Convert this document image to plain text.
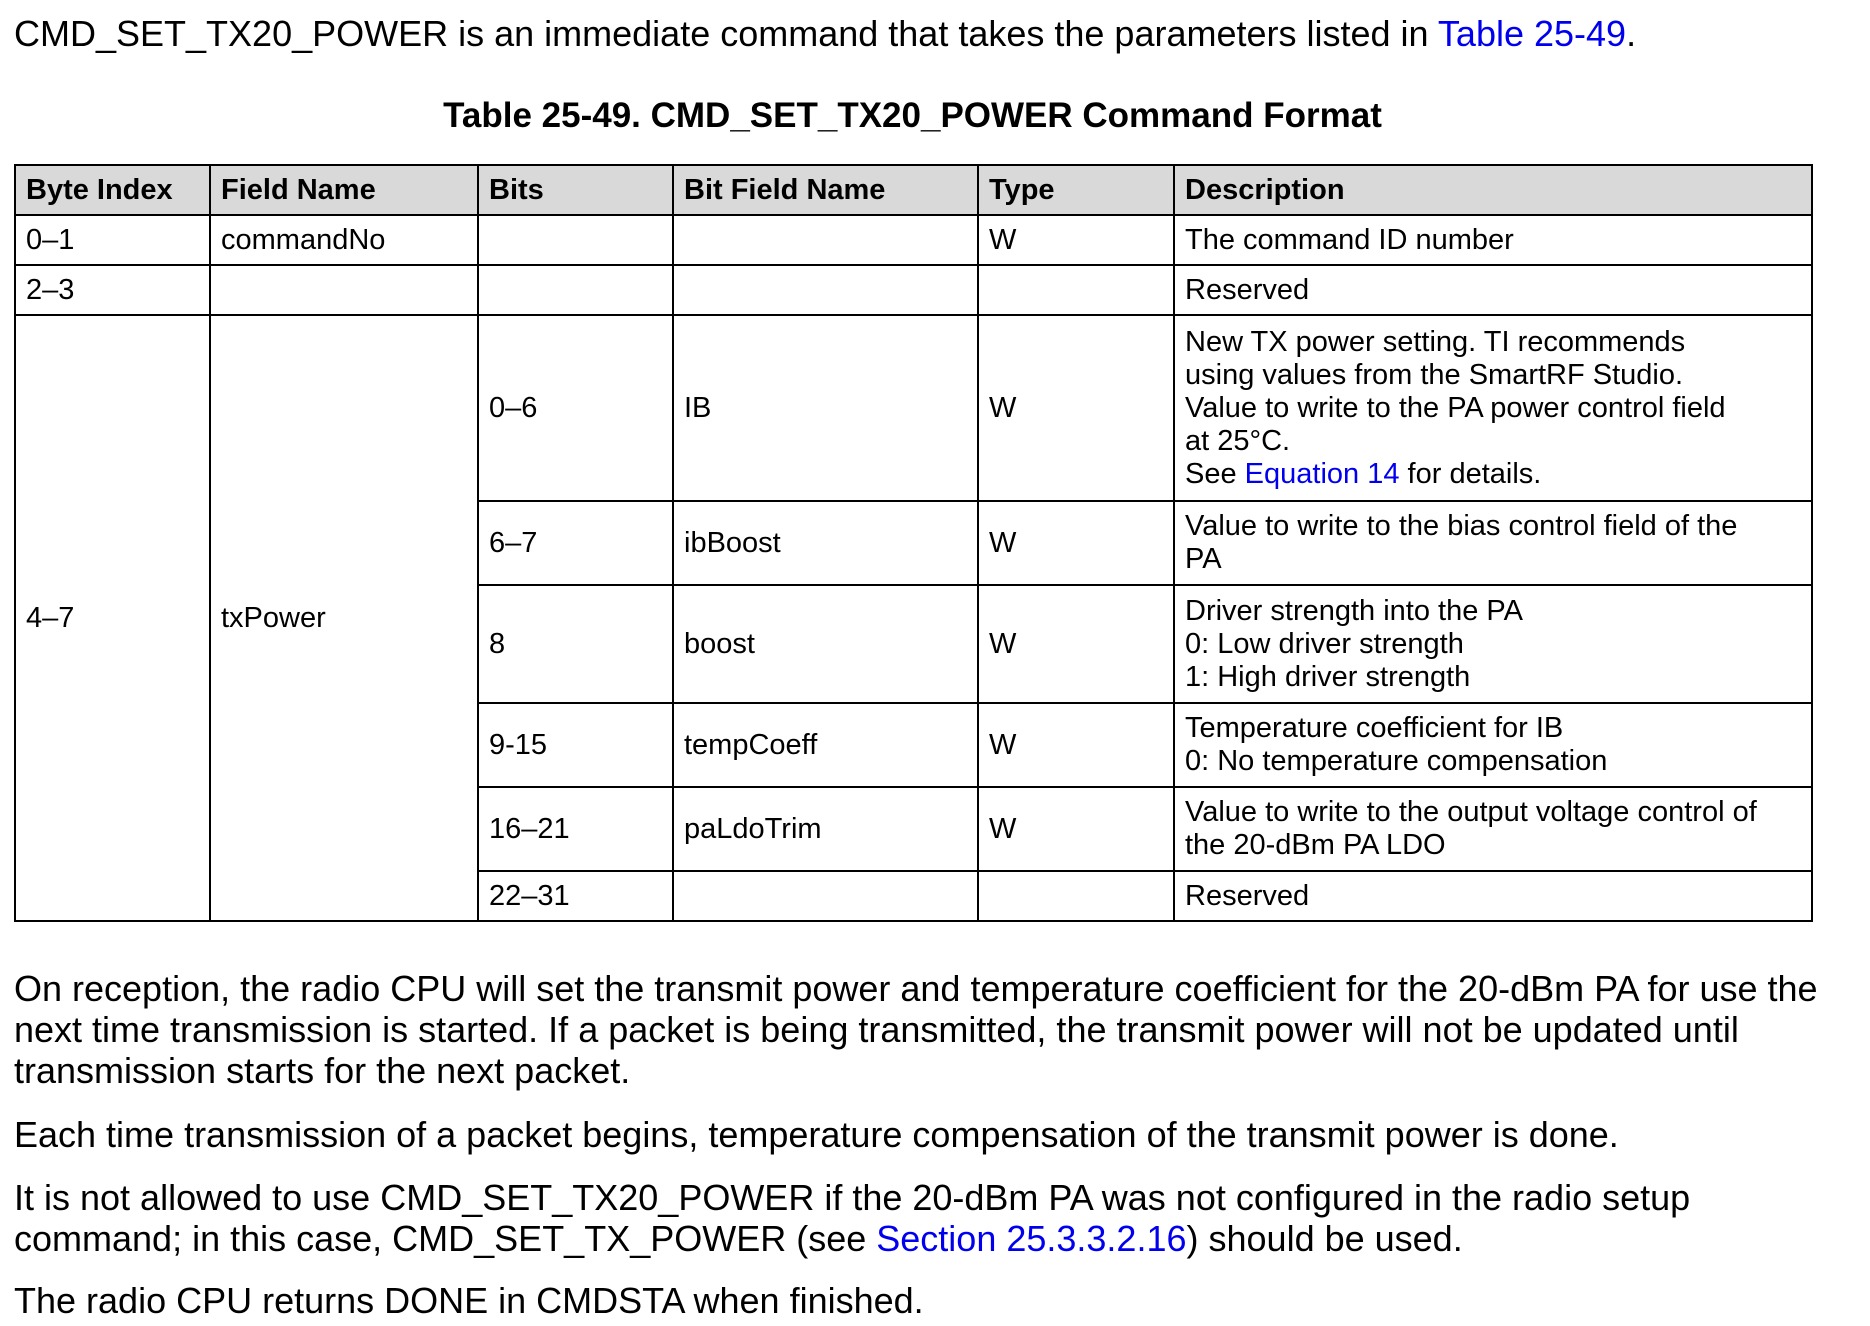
CMD_SET_TX20_POWER is an immediate command that takes the parameters listed in Table 25-49.
Table 25-49. CMD_SET_TX20_POWER Command Format
Byte Index	Field Name	Bits	Bit Field Name	Type	Description
0–1	commandNo			W	The command ID number
2–3					Reserved
4–7	txPower	0–6	IB	W	New TX power setting. TI recommends
using values from the SmartRF Studio.
Value to write to the PA power control field
at 25°C.
See Equation 14 for details.

		6–7	ibBoost	W	Value to write to the bias control field of the
PA

		8	boost	W	Driver strength into the PA
0: Low driver strength
1: High driver strength

		9-15	tempCoeff	W	Temperature coefficient for IB
0: No temperature compensation

		16–21	paLdoTrim	W	Value to write to the output voltage control of
the 20-dBm PA LDO

		22–31			Reserved

On reception, the radio CPU will set the transmit power and temperature coefficient for the 20-dBm PA for use the next time transmission is started. If a packet is being transmitted, the transmit power will not be updated until transmission starts for the next packet.

Each time transmission of a packet begins, temperature compensation of the transmit power is done.

It is not allowed to use CMD_SET_TX20_POWER if the 20-dBm PA was not configured in the radio setup command; in this case, CMD_SET_TX_POWER (see Section 25.3.3.2.16) should be used.

The radio CPU returns DONE in CMDSTA when finished.
